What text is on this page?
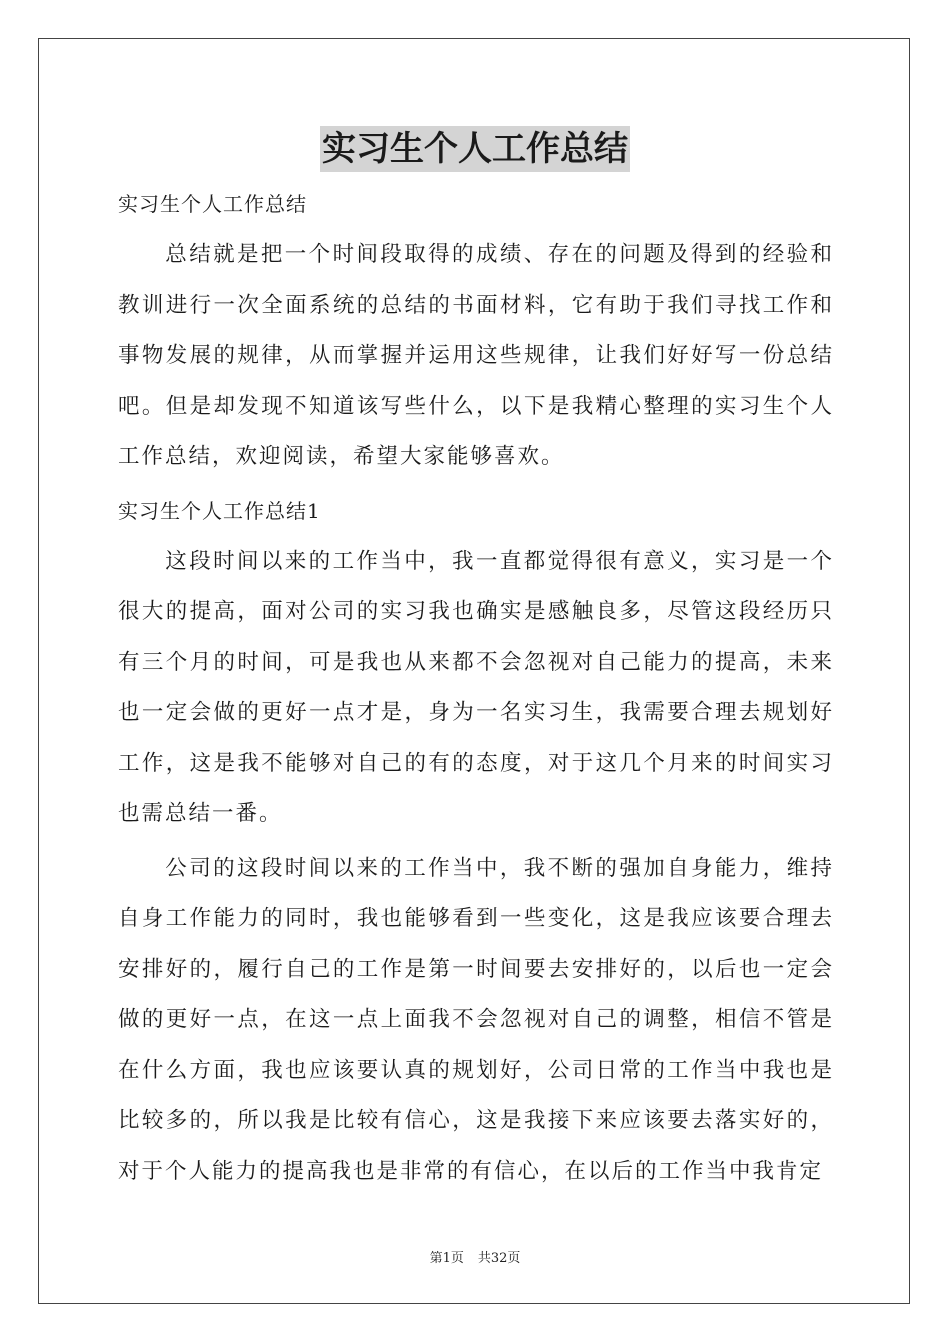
实习生个人工作总结

实习生个人工作总结

总结就是把一个时间段取得的成绩、存在的问题及得到的经验和教训进行一次全面系统的总结的书面材料，它有助于我们寻找工作和事物发展的规律，从而掌握并运用这些规律，让我们好好写一份总结吧。但是却发现不知道该写些什么，以下是我精心整理的实习生个人工作总结，欢迎阅读，希望大家能够喜欢。

实习生个人工作总结1

这段时间以来的工作当中，我一直都觉得很有意义，实习是一个很大的提高，面对公司的实习我也确实是感触良多，尽管这段经历只有三个月的时间，可是我也从来都不会忽视对自己能力的提高，未来也一定会做的更好一点才是，身为一名实习生，我需要合理去规划好工作，这是我不能够对自己的有的态度，对于这几个月来的时间实习也需总结一番。

公司的这段时间以来的工作当中，我不断的强加自身能力，维持自身工作能力的同时，我也能够看到一些变化，这是我应该要合理去安排好的，履行自己的工作是第一时间要去安排好的，以后也一定会做的更好一点，在这一点上面我不会忽视对自己的调整，相信不管是在什么方面，我也应该要认真的规划好，公司日常的工作当中我也是比较多的，所以我是比较有信心，这是我接下来应该要去落实好的，对于个人能力的提高我也是非常的有信心，在以后的工作当中我肯定

第1页 共32页
